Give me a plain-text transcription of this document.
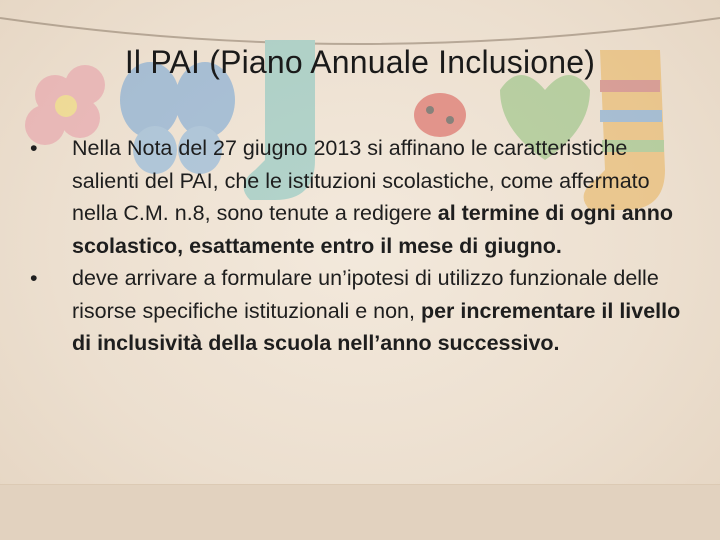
Il PAI (Piano Annuale Inclusione)
•	Nella Nota del 27 giugno 2013 si affinano le caratteristiche salienti del PAI, che le istituzioni scolastiche, come affermato nella C.M. n.8, sono tenute a redigere al termine di ogni anno scolastico, esattamente entro il mese di giugno.
•	deve arrivare a formulare un’ipotesi di utilizzo funzionale delle risorse specifiche istituzionali e non, per incrementare il livello di inclusività della scuola nell’anno successivo.
